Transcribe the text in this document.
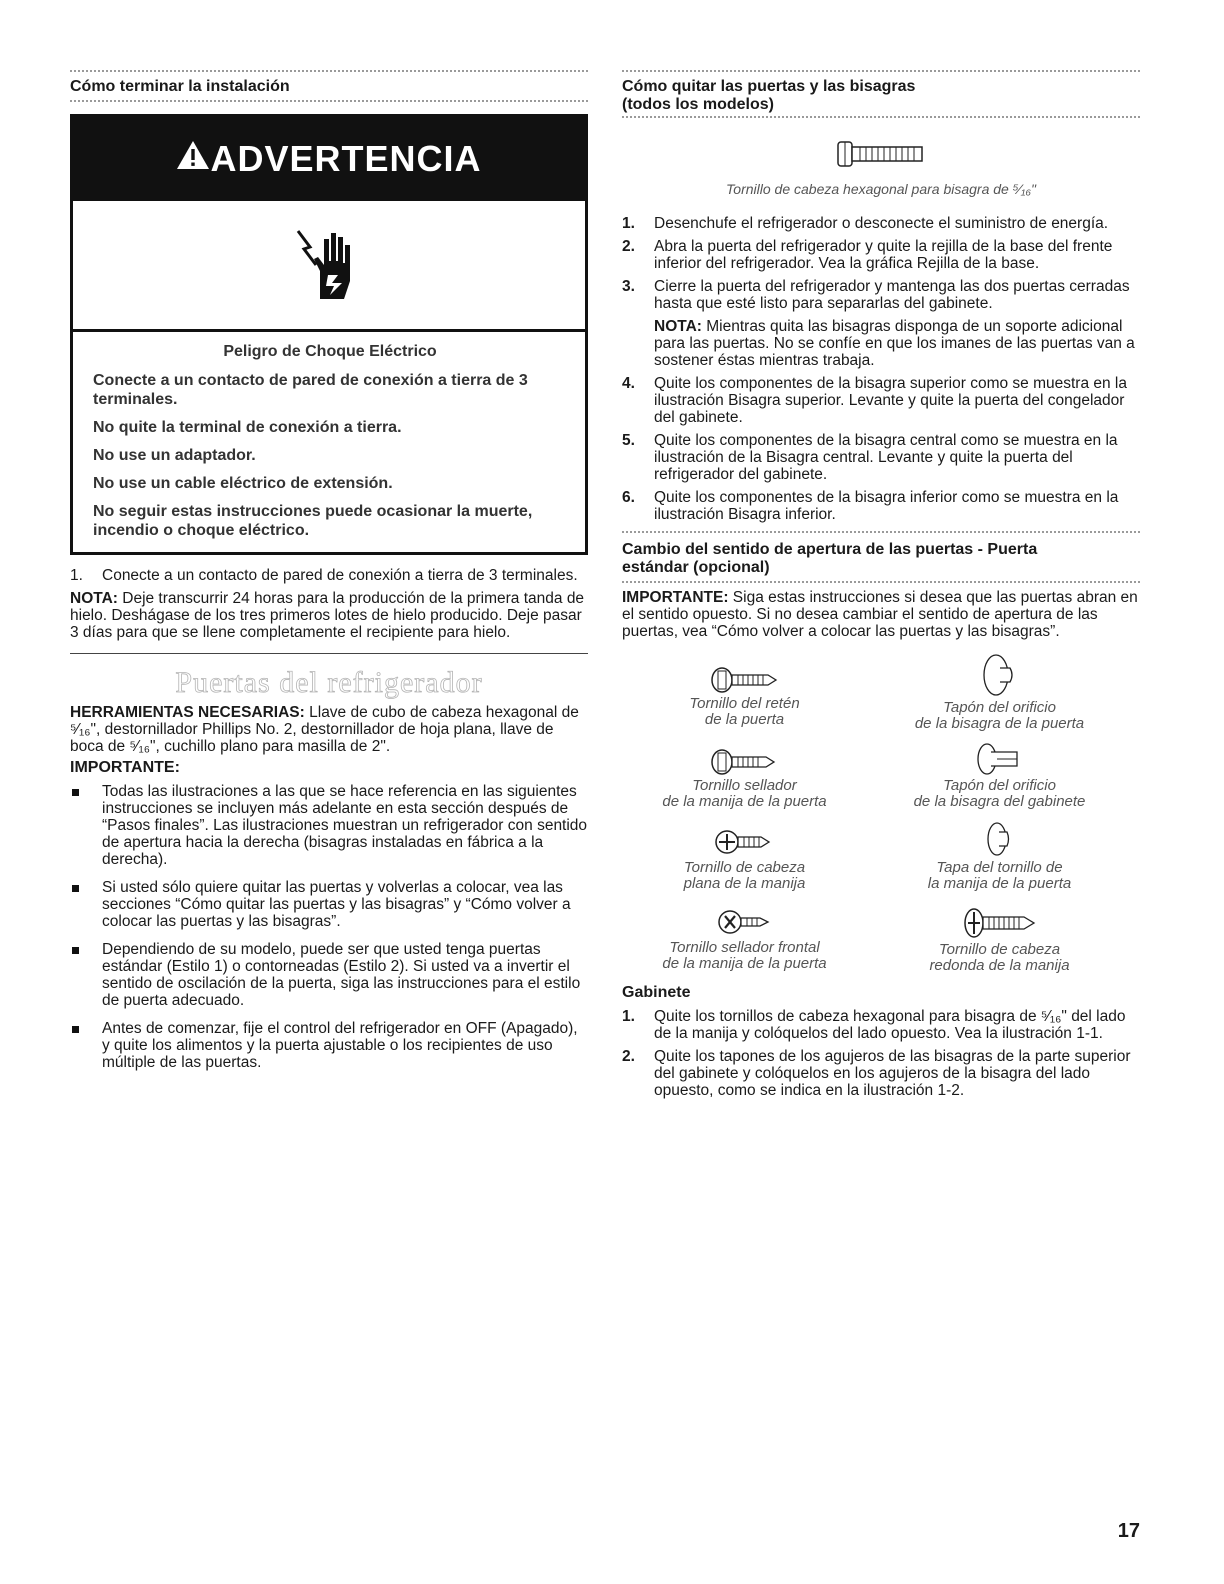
Cómo terminar la instalación
ADVERTENCIA

Peligro de Choque Eléctrico

Conecte a un contacto de pared de conexión a tierra de 3 terminales.

No quite la terminal de conexión a tierra.

No use un adaptador.

No use un cable eléctrico de extensión.

No seguir estas instrucciones puede ocasionar la muerte, incendio o choque eléctrico.

1.	Conecte a un contacto de pared de conexión a tierra de 3 terminales.

NOTA: Deje transcurrir 24 horas para la producción de la primera tanda de hielo. Deshágase de los tres primeros lotes de hielo producido. Deje pasar 3 días para que se llene completamente el recipiente para hielo.

Puertas del refrigerador

HERRAMIENTAS NECESARIAS: Llave de cubo de cabeza hexagonal de ⁵⁄₁₆", destornillador Phillips No. 2, destornillador de hoja plana, llave de boca de ⁵⁄₁₆", cuchillo plano para masilla de 2".

IMPORTANTE:
Todas las ilustraciones a las que se hace referencia en las siguientes instrucciones se incluyen más adelante en esta sección después de “Pasos finales”. Las ilustraciones muestran un refrigerador con sentido de apertura hacia la derecha (bisagras instaladas en fábrica a la derecha).
Si usted sólo quiere quitar las puertas y volverlas a colocar, vea las secciones “Cómo quitar las puertas y las bisagras” y “Cómo volver a colocar las puertas y las bisagras”.
Dependiendo de su modelo, puede ser que usted tenga puertas estándar (Estilo 1) o contorneadas (Estilo 2). Si usted va a invertir el sentido de oscilación de la puerta, siga las instrucciones para el estilo de puerta adecuado.
Antes de comenzar, fije el control del refrigerador en OFF (Apagado), y quite los alimentos y la puerta ajustable o los recipientes de uso múltiple de las puertas.
Cómo quitar las puertas y las bisagras
(todos los modelos)
Tornillo de cabeza hexagonal para bisagra de ⁵⁄₁₆"
1.	Desenchufe el refrigerador o desconecte el suministro de energía.
2.	Abra la puerta del refrigerador y quite la rejilla de la base del frente inferior del refrigerador. Vea la gráfica Rejilla de la base.
3.	Cierre la puerta del refrigerador y mantenga las dos puertas cerradas hasta que esté listo para separarlas del gabinete.

NOTA: Mientras quita las bisagras disponga de un soporte adicional para las puertas. No se confíe en que los imanes de las puertas van a sostener éstas mientras trabaja.

4.	Quite los componentes de la bisagra superior como se muestra en la ilustración Bisagra superior. Levante y quite la puerta del congelador del gabinete.
5.	Quite los componentes de la bisagra central como se muestra en la ilustración de la Bisagra central. Levante y quite la puerta del refrigerador del gabinete.
6.	Quite los componentes de la bisagra inferior como se muestra en la ilustración Bisagra inferior.
Cambio del sentido de apertura de las puertas - Puerta
estándar (opcional)

IMPORTANTE: Siga estas instrucciones si desea que las puertas abran en el sentido opuesto. Si no desea cambiar el sentido de apertura de las puertas, vea “Cómo volver a colocar las puertas y las bisagras”.

Tornillo del retén
de la puerta
Tapón del orificio
de la bisagra de la puerta
Tornillo sellador
de la manija de la puerta
Tapón del orificio
de la bisagra del gabinete
Tornillo de cabeza
plana de la manija
Tapa del tornillo de
la manija de la puerta
Tornillo sellador frontal
de la manija de la puerta
Tornillo de cabeza
redonda de la manija
Gabinete
1.	Quite los tornillos de cabeza hexagonal para bisagra de ⁵⁄₁₆" del lado de la manija y colóquelos del lado opuesto. Vea la ilustración 1-1.
2.	Quite los tapones de los agujeros de las bisagras de la parte superior del gabinete y colóquelos en los agujeros de la bisagra del lado opuesto, como se indica en la ilustración 1-2.
17
